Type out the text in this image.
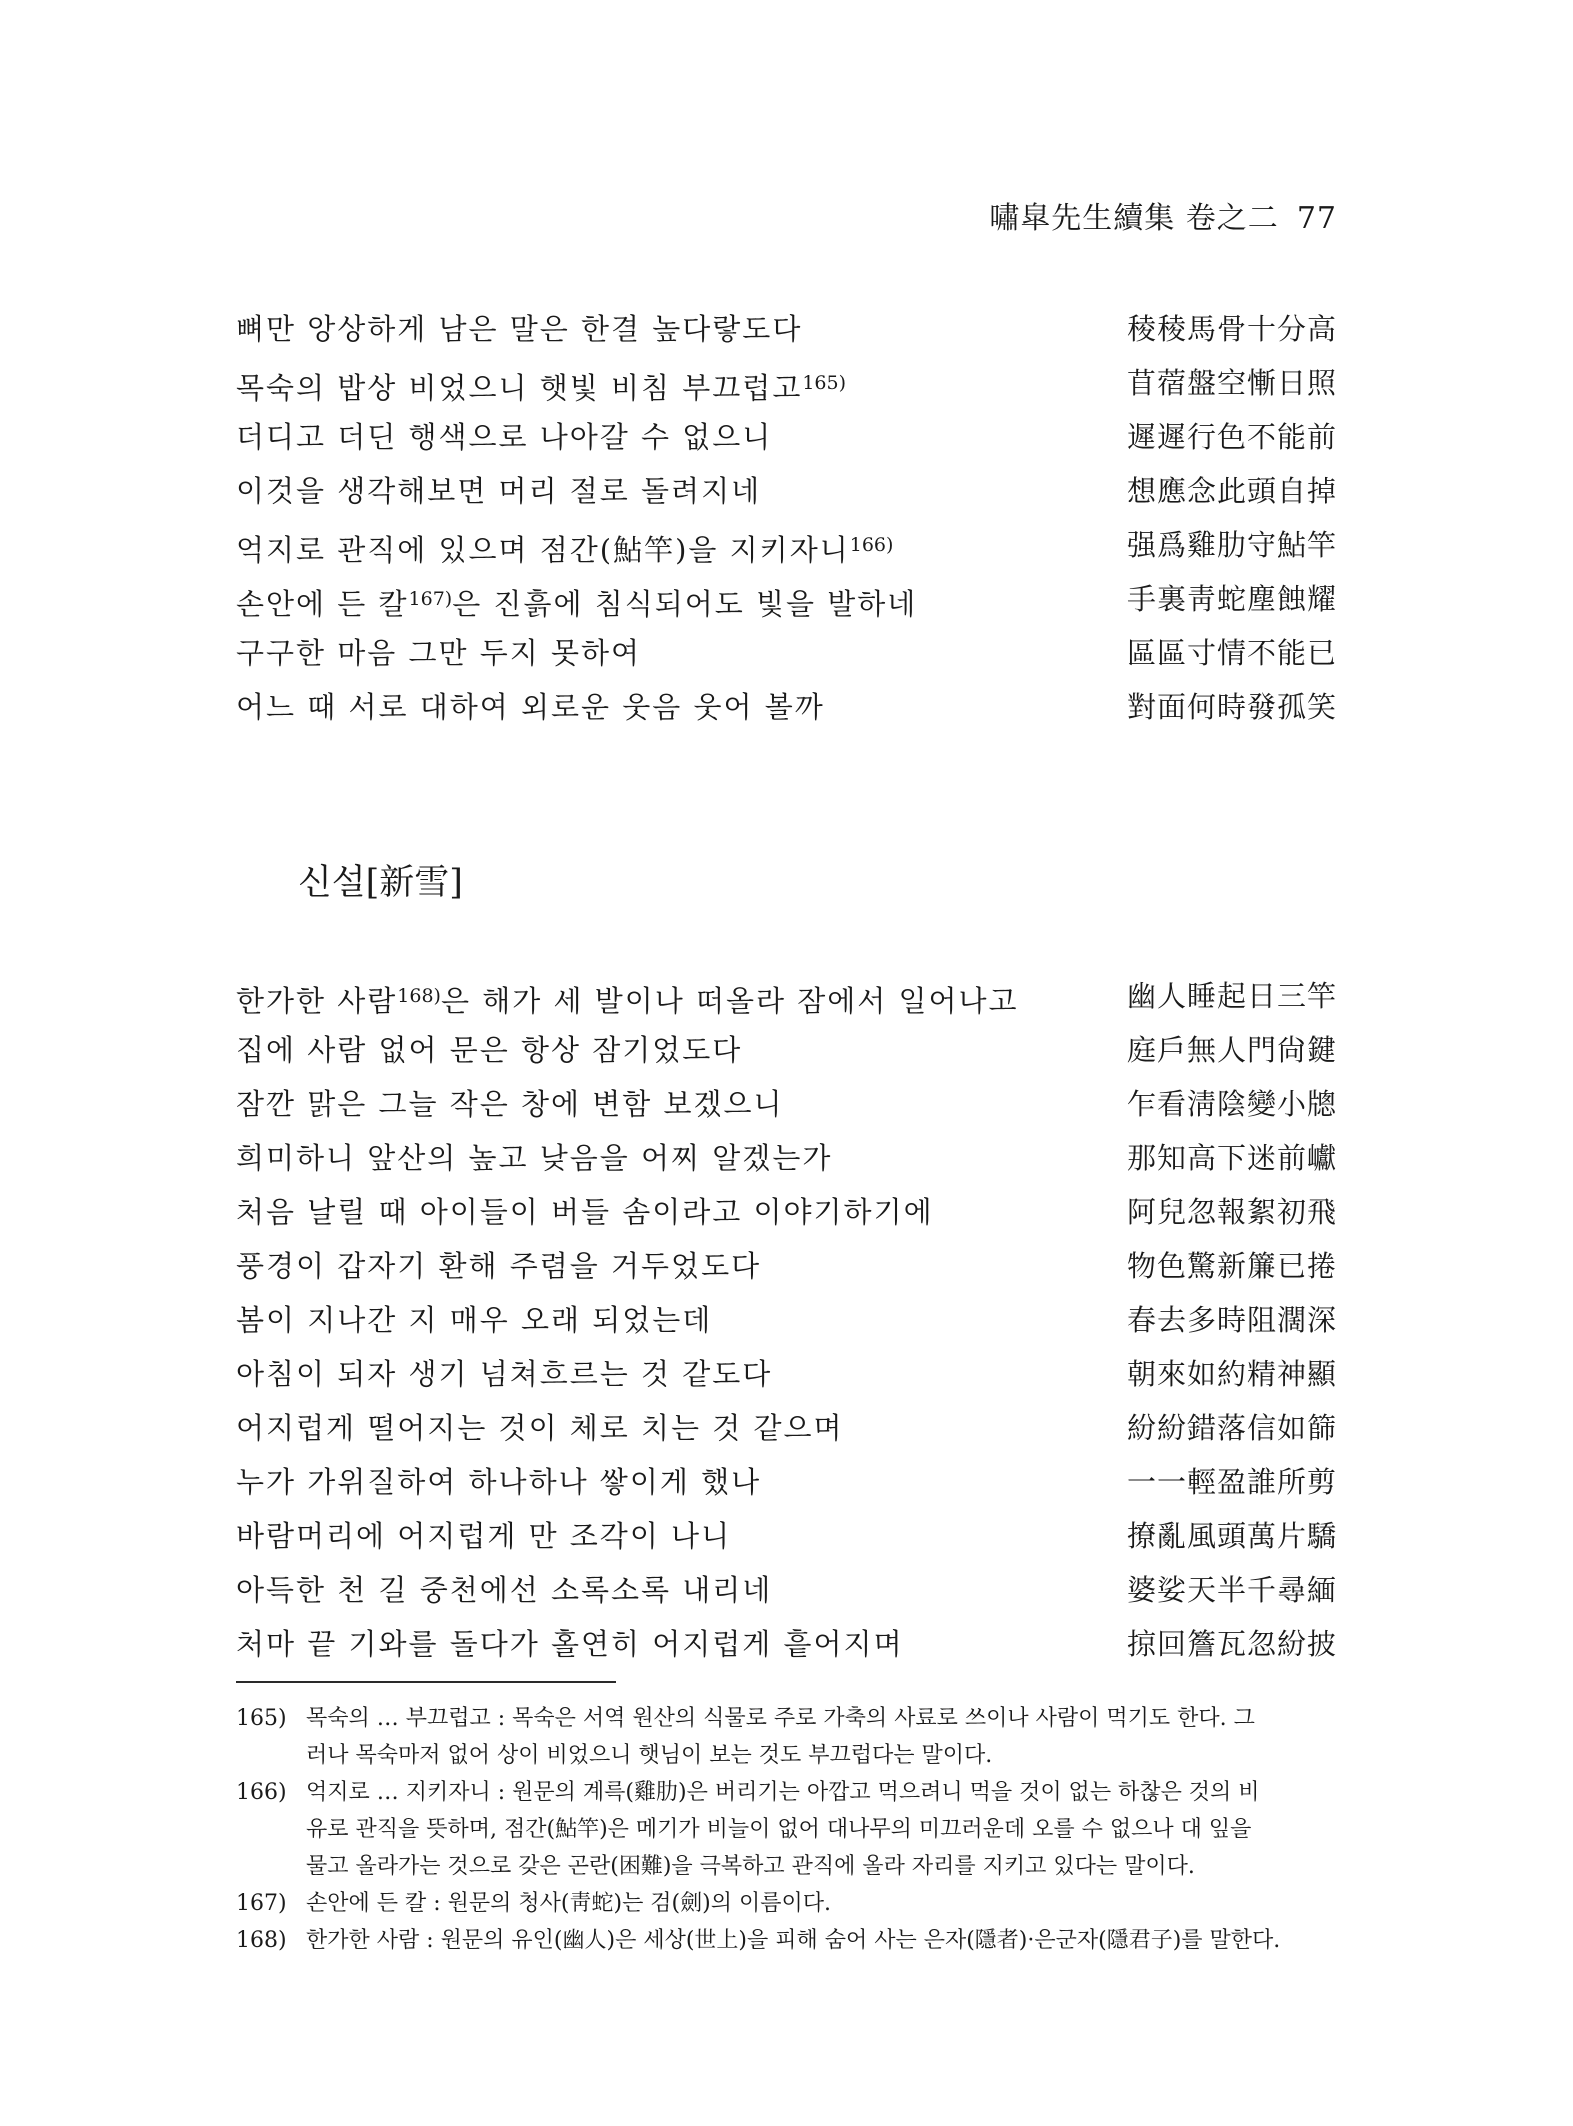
嘯皐先生續集 卷之二 77
뼈만 앙상하게 남은 말은 한결 높다랗도다	稜稜馬骨十分高
목숙의 밥상 비었으니 햇빛 비침 부끄럽고$^{165)}$	苜蓿盤空慚日照
더디고 더딘 행색으로 나아갈 수 없으니	遲遲行色不能前
이것을 생각해보면 머리 절로 돌려지네	想應念此頭自掉
억지로 관직에 있으며 점간(鮎竿)을 지키자니$^{166)}$	强爲雞肋守鮎竿
손안에 든 칼$^{167)}$은 진흙에 침식되어도 빛을 발하네	手裏靑蛇塵蝕耀
구구한 마음 그만 두지 못하여	區區寸情不能已
어느 때 서로 대하여 외로운 웃음 웃어 볼까	對面何時發孤笑
신설[新雪]
한가한 사람$^{168)}$은 해가 세 발이나 떠올라 잠에서 일어나고	幽人睡起日三竿
집에 사람 없어 문은 항상 잠기었도다	庭戶無人門尙鍵
잠깐 맑은 그늘 작은 창에 변함 보겠으니	乍看淸陰變小牕
희미하니 앞산의 높고 낮음을 어찌 알겠는가	那知高下迷前巘
처음 날릴 때 아이들이 버들 솜이라고 이야기하기에	阿兒忽報絮初飛
풍경이 갑자기 환해 주렴을 거두었도다	物色驚新簾已捲
봄이 지나간 지 매우 오래 되었는데	春去多時阻濶深
아침이 되자 생기 넘쳐흐르는 것 같도다	朝來如約精神顯
어지럽게 떨어지는 것이 체로 치는 것 같으며	紛紛錯落信如篩
누가 가위질하여 하나하나 쌓이게 했나	一一輕盈誰所剪
바람머리에 어지럽게 만 조각이 나니	撩亂風頭萬片驕
아득한 천 길 중천에선 소록소록 내리네	婆娑天半千尋緬
처마 끝 기와를 돌다가 홀연히 어지럽게 흩어지며	掠回簷瓦忽紛披
165) 목숙의 … 부끄럽고 : 목숙은 서역 원산의 식물로 주로 가축의 사료로 쓰이나 사람이 먹기도 한다. 그
러나 목숙마저 없어 상이 비었으니 햇님이 보는 것도 부끄럽다는 말이다.
166) 억지로 … 지키자니 : 원문의 계륵(雞肋)은 버리기는 아깝고 먹으려니 먹을 것이 없는 하찮은 것의 비
유로 관직을 뜻하며, 점간(鮎竿)은 메기가 비늘이 없어 대나무의 미끄러운데 오를 수 없으나 대 잎을
물고 올라가는 것으로 갖은 곤란(困難)을 극복하고 관직에 올라 자리를 지키고 있다는 말이다.
167) 손안에 든 칼 : 원문의 청사(靑蛇)는 검(劍)의 이름이다.
168) 한가한 사람 : 원문의 유인(幽人)은 세상(世上)을 피해 숨어 사는 은자(隱者)·은군자(隱君子)를 말한다.
